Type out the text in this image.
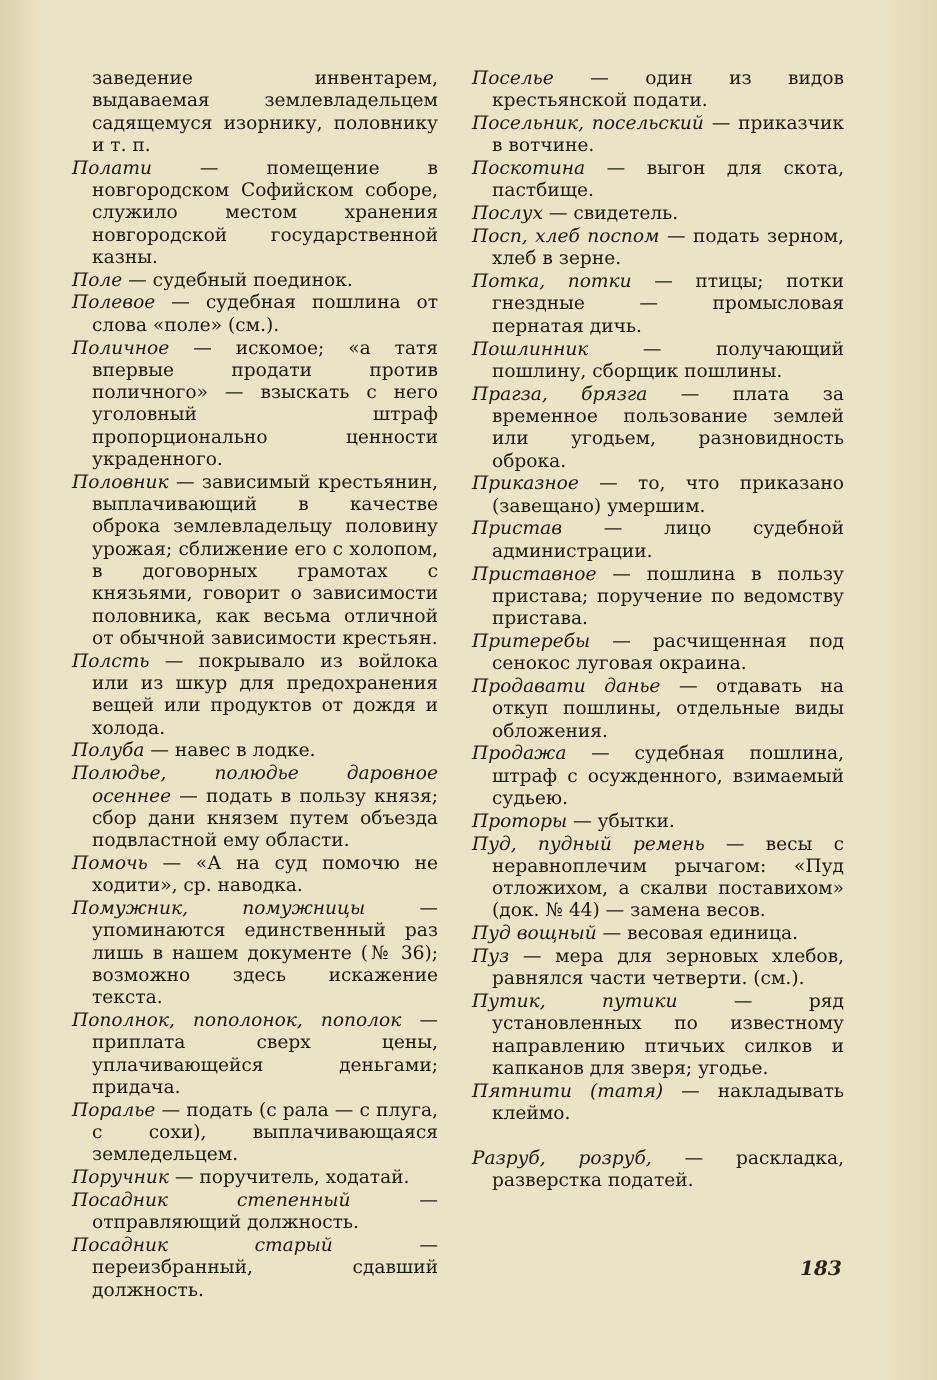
заведение инвентарем, выдаваемая землевладельцем садящемуся изорнику, половнику и т. п.
Полати — помещение в новгородском Софийском соборе, служило местом хранения новгородской государственной казны.
Поле — судебный поединок.
Полевое — судебная пошлина от слова «поле» (см.).
Поличное — искомое; «а татя впервые продати против поличного» — взыскать с него уголовный штраф пропорционально ценности украденного.
Половник — зависимый крестьянин, выплачивающий в качестве оброка землевладельцу половину урожая; сближение его с холопом, в договорных грамотах с князьями, говорит о зависимости половника, как весьма отличной от обычной зависимости крестьян.
Полсть — покрывало из войлока или из шкур для предохранения вещей или продуктов от дождя и холода.
Полуба — навес в лодке.
Полюдье, полюдье даровное осеннее — подать в пользу князя; сбор дани князем путем объезда подвластной ему области.
Помочь — «А на суд помочю не ходити», ср. наводка.
Помужник, помужницы — упоминаются единственный раз лишь в нашем документе (№ 36); возможно здесь искажение текста.
Пополнок, пополонок, пополок — приплата сверх цены, уплачивающейся деньгами; придача.
Поралье — подать (с рала — с плуга, с сохи), выплачивающаяся земледельцем.
Поручник — поручитель, ходатай.
Посадник степенный — отправляющий должность.
Посадник старый — переизбранный, сдавший должность.
Поселье — один из видов крестьянской подати.
Посельник, посельский — приказчик в вотчине.
Поскотина — выгон для скота, пастбище.
Послух — свидетель.
Посп, хлеб поспом — подать зерном, хлеб в зерне.
Потка, потки — птицы; потки гнездные — промысловая пернатая дичь.
Пошлинник — получающий пошлину, сборщик пошлины.
Прагза, брязга — плата за временное пользование землей или угодьем, разновидность оброка.
Приказное — то, что приказано (завещано) умершим.
Пристав — лицо судебной администрации.
Приставное — пошлина в пользу пристава; поручение по ведомству пристава.
Притеребы — расчищенная под сенокос луговая окраина.
Продавати данье — отдавать на откуп пошлины, отдельные виды обложения.
Продажа — судебная пошлина, штраф с осужденного, взимаемый судьею.
Проторы — убытки.
Пуд, пудный ремень — весы с неравноплечим рычагом: «Пуд отложихом, а скалви поставихом» (док. № 44) — замена весов.
Пуд вощный — весовая единица.
Пуз — мера для зерновых хлебов, равнялся части четверти. (см.).
Путик, путики — ряд установленных по известному направлению птичьих силков и капканов для зверя; угодье.
Пятнити (татя) — накладывать клеймо.
Разруб, розруб, — раскладка, разверстка податей.
183
